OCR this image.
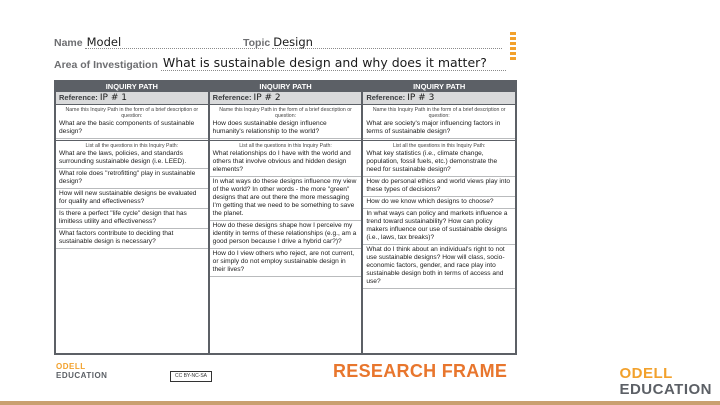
Name Model	Topic Design
Area of Investigation What is sustainable design and why does it matter?
INQUIRY PATH
Reference: IP # 1
Name this Inquiry Path in the form of a brief description or question:
What are the basic components of sustainable design?
List all the questions in this Inquiry Path:
What are the laws, policies, and standards surrounding sustainable design (i.e. LEED).
What role does "retrofitting" play in sustainable design?
How will new sustainable designs be evaluated for quality and effectiveness?
Is there a perfect "life cycle" design that has limitless utility and effectiveness?
What factors contribute to deciding that sustainable design is necessary?
INQUIRY PATH
Reference: IP # 2
Name this Inquiry Path in the form of a brief description or question:
How does sustainable design influence humanity's relationship to the world?
List all the questions in this Inquiry Path:
What relationships do I have with the world and others that involve obvious and hidden design elements?
In what ways do these designs influence my view of the world? In other words - the more "green" designs that are out there the more messaging I'm getting that we need to be something to save the planet.
How do these designs shape how I perceive my identity in terms of these relationships (e.g., am a good person because I drive a hybrid car?)?
How do I view others who reject, are not current, or simply do not employ sustainable design in their lives?
INQUIRY PATH
Reference: IP # 3
Name this Inquiry Path in the form of a brief description or question:
What are society's major influencing factors in terms of sustainable design?
List all the questions in this Inquiry Path:
What key statistics (i.e., climate change, population, fossil fuels, etc.) demonstrate the need for sustainable design?
How do personal ethics and world views play into these types of decisions?
How do we know which designs to choose?
In what ways can policy and markets influence a trend toward sustainability? How can policy makers influence our use of sustainable designs (i.e., laws, tax breaks)?
What do I think about an individual's right to not use sustainable designs? How will class, socio-economic factors, gender, and race play into sustainable design both in terms of access and use?
ODELL
EDUCATION	CC BY-NC-SA	RESEARCH FRAME	ODELL
EDUCATION
